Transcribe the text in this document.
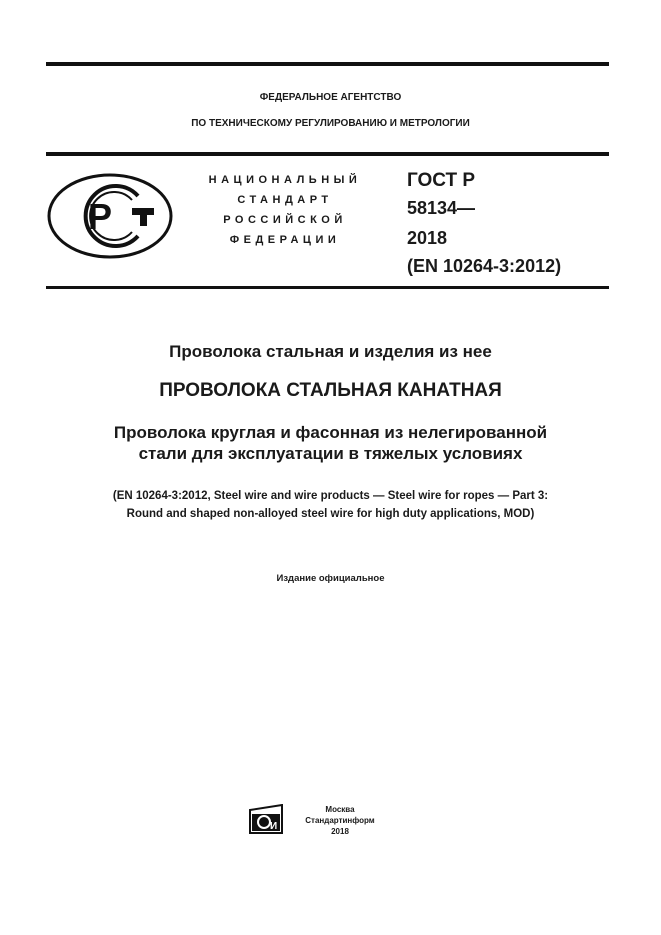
ФЕДЕРАЛЬНОЕ АГЕНТСТВО
ПО ТЕХНИЧЕСКОМУ РЕГУЛИРОВАНИЮ И МЕТРОЛОГИИ
Р
НАЦИОНАЛЬНЫЙ
СТАНДАРТ
РОССИЙСКОЙ
ФЕДЕРАЦИИ
ГОСТ Р
58134—
2018
(EN 10264-3:2012)
Проволока стальная и изделия из нее
ПРОВОЛОКА СТАЛЬНАЯ КАНАТНАЯ
Проволока круглая и фасонная из нелегированной
стали для эксплуатации в тяжелых условиях
(EN 10264-3:2012, Steel wire and wire products — Steel wire for ropes — Part 3:
Round and shaped non-alloyed steel wire for high duty applications, MOD)
Издание официальное
И
Москва
Стандартинформ
2018
